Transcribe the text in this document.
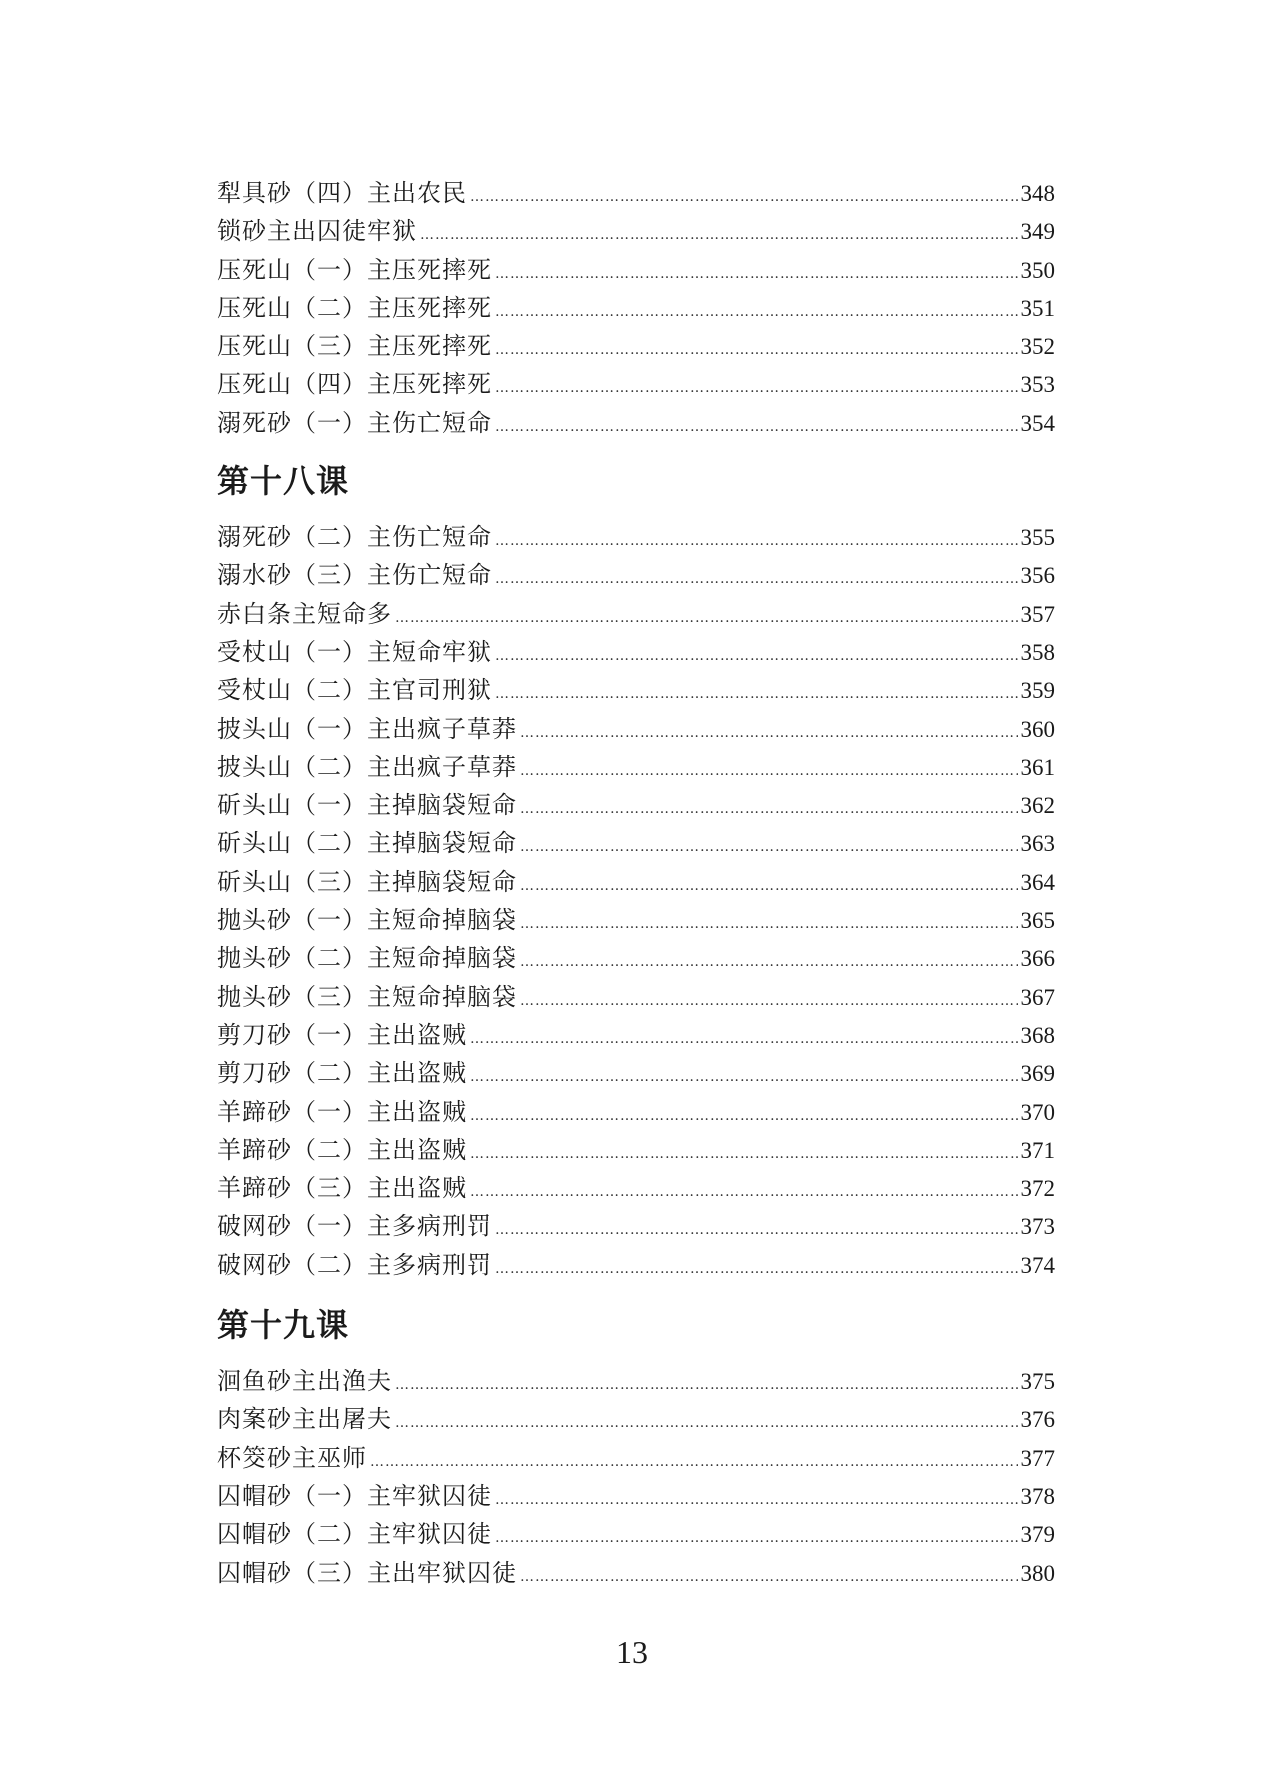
犁具砂（四）主出农民 …………………………………………………………………………………………………………………………………………………………………………………………………………………………	348
锁砂主出囚徒牢狱 …………………………………………………………………………………………………………………………………………………………………………………………………………………………	349
压死山（一）主压死摔死 …………………………………………………………………………………………………………………………………………………………………………………………………………………………	350
压死山（二）主压死摔死 …………………………………………………………………………………………………………………………………………………………………………………………………………………………	351
压死山（三）主压死摔死 …………………………………………………………………………………………………………………………………………………………………………………………………………………………	352
压死山（四）主压死摔死 …………………………………………………………………………………………………………………………………………………………………………………………………………………………	353
溺死砂（一）主伤亡短命 …………………………………………………………………………………………………………………………………………………………………………………………………………………………	354
第十八课
溺死砂（二）主伤亡短命 …………………………………………………………………………………………………………………………………………………………………………………………………………………………	355
溺水砂（三）主伤亡短命 …………………………………………………………………………………………………………………………………………………………………………………………………………………………	356
赤白条主短命多 …………………………………………………………………………………………………………………………………………………………………………………………………………………………	357
受杖山（一）主短命牢狱 …………………………………………………………………………………………………………………………………………………………………………………………………………………………	358
受杖山（二）主官司刑狱 …………………………………………………………………………………………………………………………………………………………………………………………………………………………	359
披头山（一）主出疯子草莽 …………………………………………………………………………………………………………………………………………………………………………………………………………………………	360
披头山（二）主出疯子草莽 …………………………………………………………………………………………………………………………………………………………………………………………………………………………	361
斫头山（一）主掉脑袋短命 …………………………………………………………………………………………………………………………………………………………………………………………………………………………	362
斫头山（二）主掉脑袋短命 …………………………………………………………………………………………………………………………………………………………………………………………………………………………	363
斫头山（三）主掉脑袋短命 …………………………………………………………………………………………………………………………………………………………………………………………………………………………	364
抛头砂（一）主短命掉脑袋 …………………………………………………………………………………………………………………………………………………………………………………………………………………………	365
抛头砂（二）主短命掉脑袋 …………………………………………………………………………………………………………………………………………………………………………………………………………………………	366
抛头砂（三）主短命掉脑袋 …………………………………………………………………………………………………………………………………………………………………………………………………………………………	367
剪刀砂（一）主出盗贼 …………………………………………………………………………………………………………………………………………………………………………………………………………………………	368
剪刀砂（二）主出盗贼 …………………………………………………………………………………………………………………………………………………………………………………………………………………………	369
羊蹄砂（一）主出盗贼 …………………………………………………………………………………………………………………………………………………………………………………………………………………………	370
羊蹄砂（二）主出盗贼 …………………………………………………………………………………………………………………………………………………………………………………………………………………………	371
羊蹄砂（三）主出盗贼 …………………………………………………………………………………………………………………………………………………………………………………………………………………………	372
破网砂（一）主多病刑罚 …………………………………………………………………………………………………………………………………………………………………………………………………………………………	373
破网砂（二）主多病刑罚 …………………………………………………………………………………………………………………………………………………………………………………………………………………………	374
第十九课
洄鱼砂主出渔夫 …………………………………………………………………………………………………………………………………………………………………………………………………………………………	375
肉案砂主出屠夫 …………………………………………………………………………………………………………………………………………………………………………………………………………………………	376
杯筊砂主巫师 …………………………………………………………………………………………………………………………………………………………………………………………………………………………	377
囚帽砂（一）主牢狱囚徒 …………………………………………………………………………………………………………………………………………………………………………………………………………………………	378
囚帽砂（二）主牢狱囚徒 …………………………………………………………………………………………………………………………………………………………………………………………………………………………	379
囚帽砂（三）主出牢狱囚徒 …………………………………………………………………………………………………………………………………………………………………………………………………………………………	380
13
